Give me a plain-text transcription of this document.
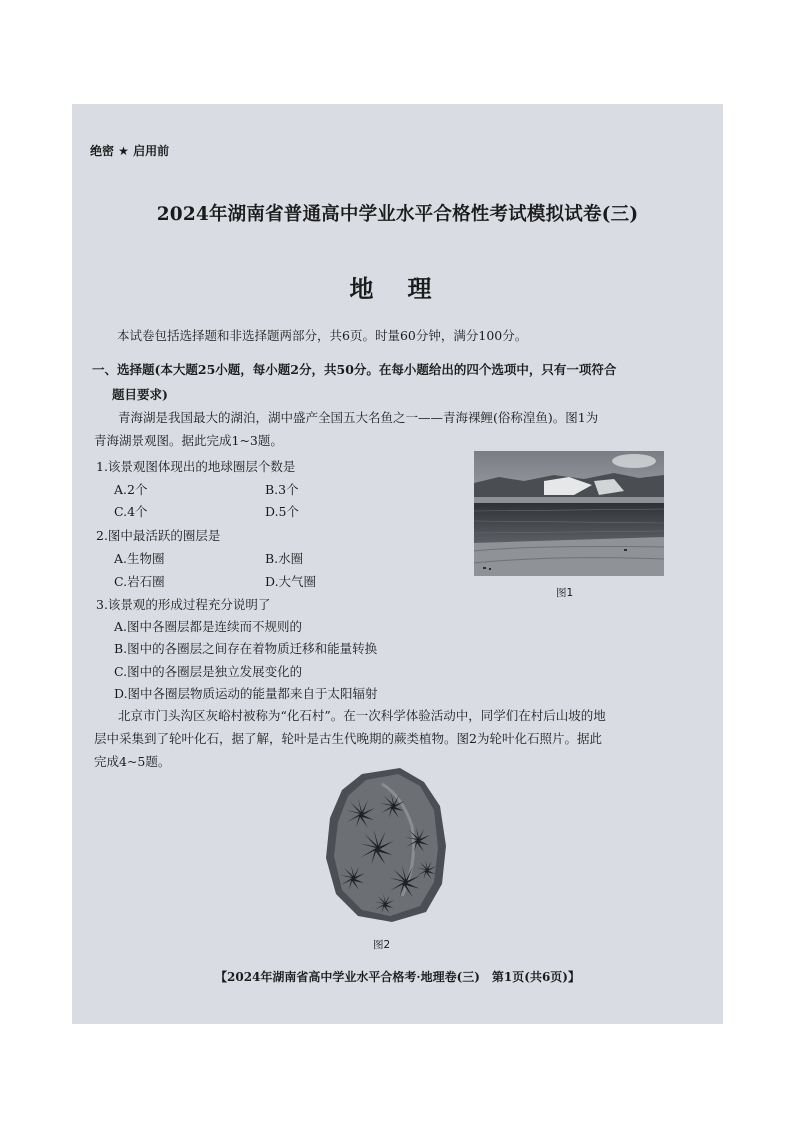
绝密 ★ 启用前
2024年湖南省普通高中学业水平合格性考试模拟试卷(三)
地理
本试卷包括选择题和非选择题两部分，共6页。时量60分钟，满分100分。
一、选择题(本大题25小题，每小题2分，共50分。在每小题给出的四个选项中，只有一项符合
题目要求)
青海湖是我国最大的湖泊，湖中盛产全国五大名鱼之一——青海裸鲤(俗称湟鱼)。图1为
青海湖景观图。据此完成1~3题。
1.该景观图体现出的地球圈层个数是
A.2个	B.3个
C.4个	D.5个
2.图中最活跃的圈层是
A.生物圈	B.水圈
C.岩石圈	D.大气圈
3.该景观的形成过程充分说明了
A.图中各圈层都是连续而不规则的
B.图中的各圈层之间存在着物质迁移和能量转换
C.图中的各圈层是独立发展变化的
D.图中各圈层物质运动的能量都来自于太阳辐射
图1
北京市门头沟区灰峪村被称为“化石村”。在一次科学体验活动中，同学们在村后山坡的地
层中采集到了轮叶化石，据了解，轮叶是古生代晚期的蕨类植物。图2为轮叶化石照片。据此
完成4~5题。
图2
【2024年湖南省高中学业水平合格考·地理卷(三)　第1页(共6页)】
